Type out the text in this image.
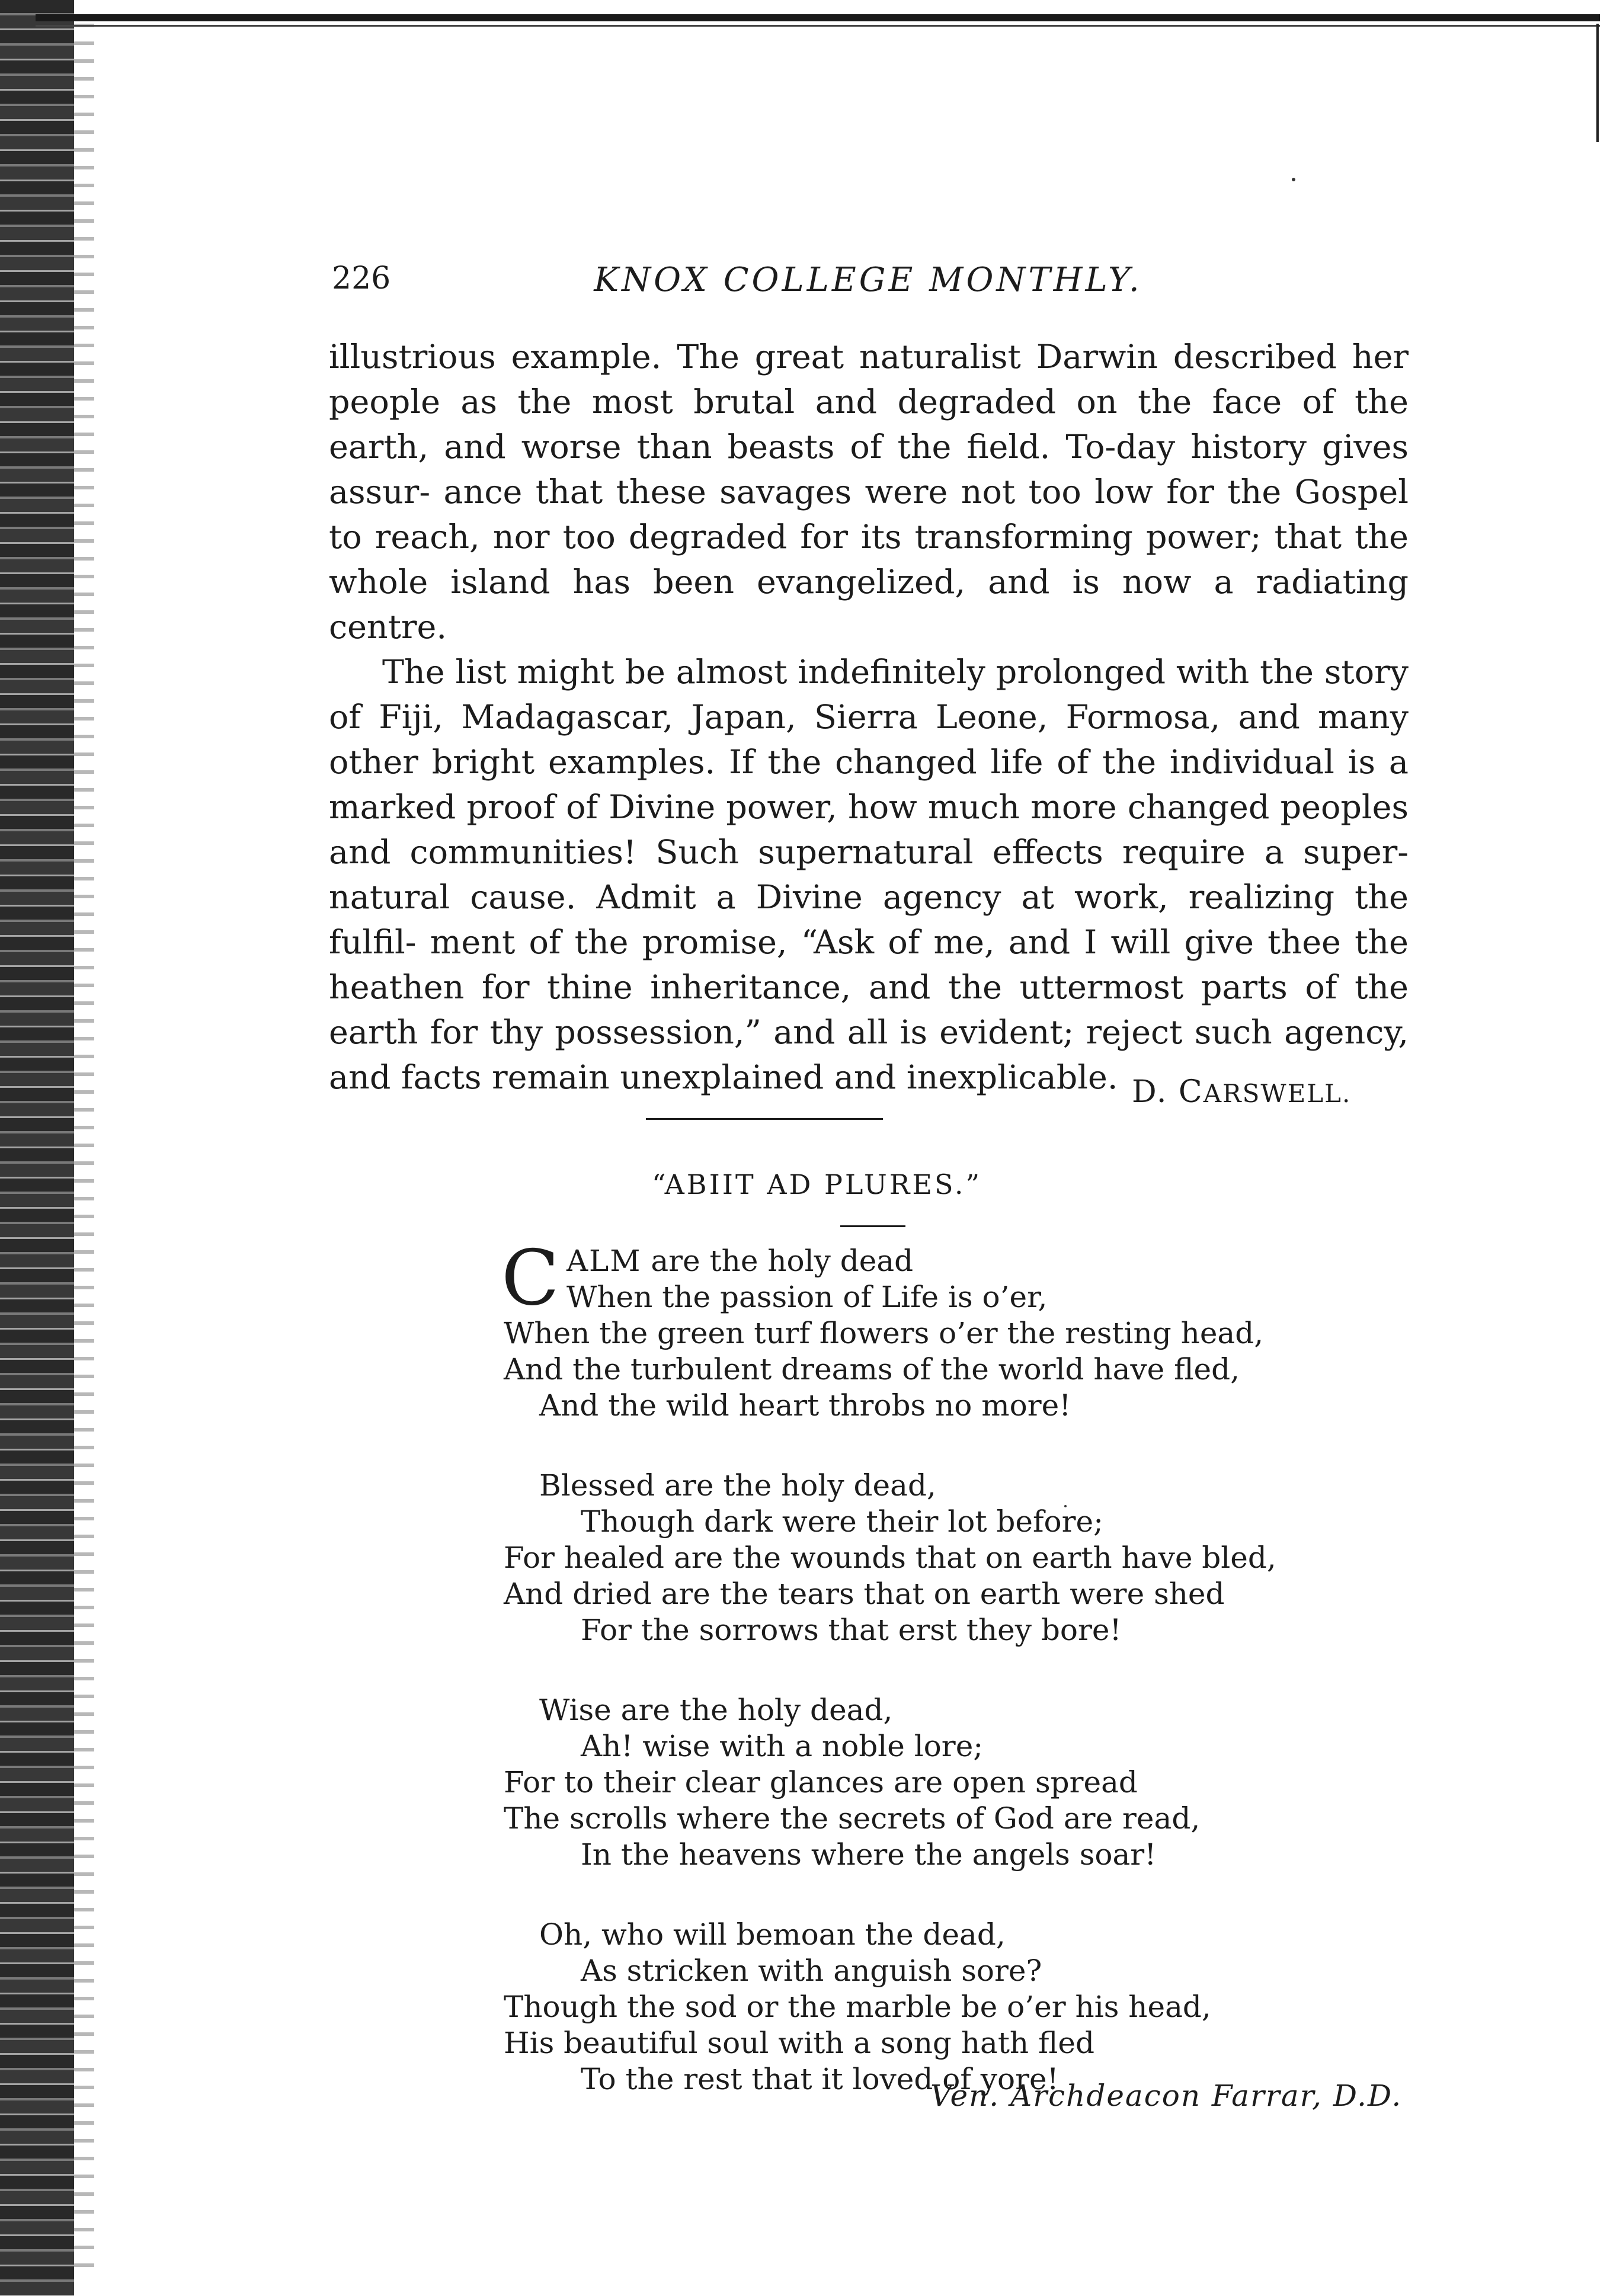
226	KNOX COLLEGE MONTHLY.

illustrious example. The great naturalist Darwin described her people as the most brutal and degraded on the face of the earth, and worse than beasts of the field. To-day history gives assur- ance that these savages were not too low for the Gospel to reach, nor too degraded for its transforming power; that the whole island has been evangelized, and is now a radiating centre.

The list might be almost indefinitely prolonged with the story of Fiji, Madagascar, Japan, Sierra Leone, Formosa, and many other bright examples. If the changed life of the individual is a marked proof of Divine power, how much more changed peoples and communities! Such supernatural effects require a super- natural cause. Admit a Divine agency at work, realizing the fulfil- ment of the promise, “Ask of me, and I will give thee the heathen for thine inheritance, and the uttermost parts of the earth for thy possession,” and all is evident; reject such agency, and facts remain unexplained and inexplicable. D. CARSWELL.
“ABIIT AD PLURES.”
C ALM are the holy dead
When the passion of Life is o’er,
When the green turf flowers o’er the resting head,
And the turbulent dreams of the world have fled,
And the wild heart throbs no more!
Blessed are the holy dead,
Though dark were their lot before;
For healed are the wounds that on earth have bled,
And dried are the tears that on earth were shed
For the sorrows that erst they bore!
Wise are the holy dead,
Ah! wise with a noble lore;
For to their clear glances are open spread
The scrolls where the secrets of God are read,
In the heavens where the angels soar!
Oh, who will bemoan the dead,
As stricken with anguish sore?
Though the sod or the marble be o’er his head,
His beautiful soul with a song hath fled
To the rest that it loved of yore!
Ven. Archdeacon Farrar, D.D.
